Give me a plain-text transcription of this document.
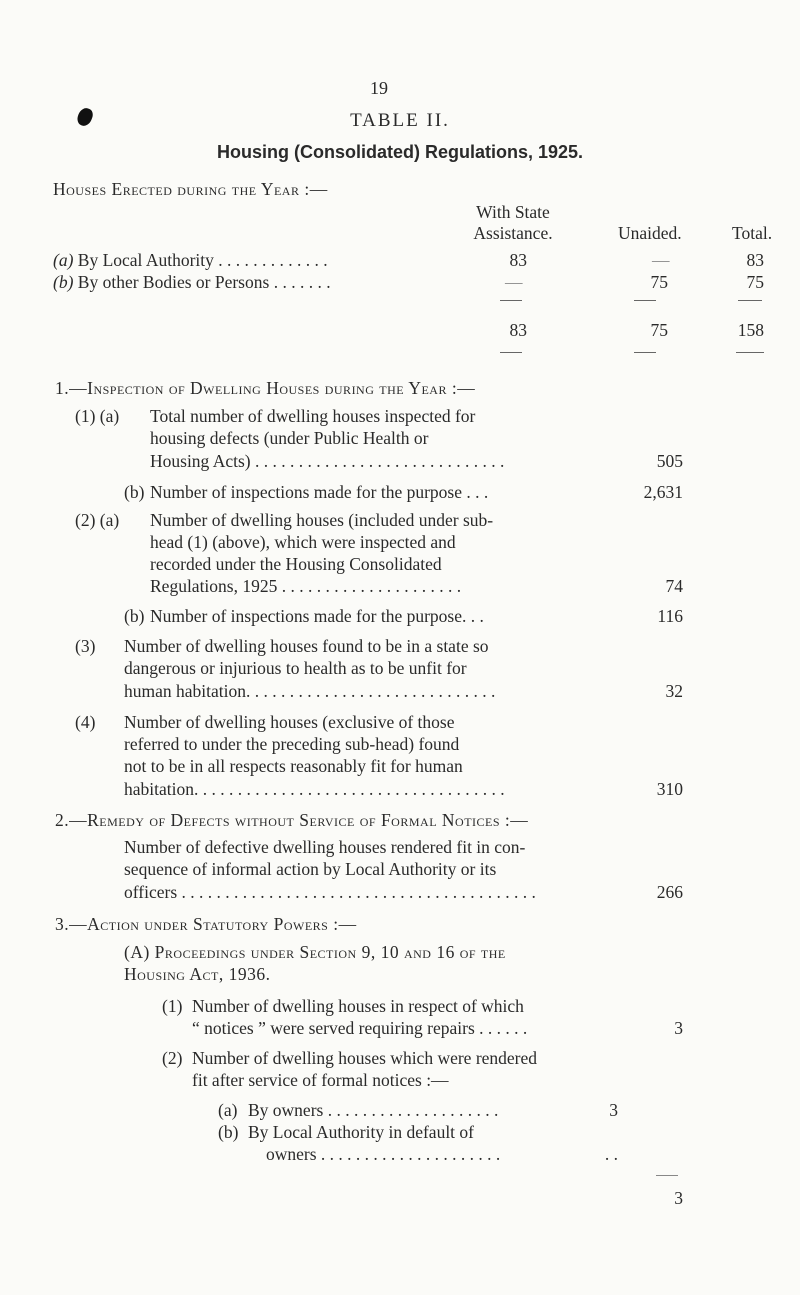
19
TABLE II.
Housing (Consolidated) Regulations, 1925.
Houses Erected during the Year :—
With State
Assistance.	Unaided.	Total.
(a) By Local Authority . . . . . . . . . . . . .	83	—	83
(b) By other Bodies or Persons . . . . . . .	—	75	75
83	75	158
1.—Inspection of Dwelling Houses during the Year :—
(1) (a) Total number of dwelling houses inspected for
housing defects (under Public Health or
Housing Acts) . . . . . . . . . . . . . . . . . . . . . . . . . . . . .	505
(b) Number of inspections made for the purpose . . .	2,631
(2) (a) Number of dwelling houses (included under sub-
head (1) (above), which were inspected and
recorded under the Housing Consolidated
Regulations, 1925 . . . . . . . . . . . . . . . . . . . . .	74
(b) Number of inspections made for the purpose. . .	116
(3) Number of dwelling houses found to be in a state so
dangerous or injurious to health as to be unfit for
human habitation. . . . . . . . . . . . . . . . . . . . . . . . . . . . .	32
(4) Number of dwelling houses (exclusive of those
referred to under the preceding sub-head) found
not to be in all respects reasonably fit for human
habitation. . . . . . . . . . . . . . . . . . . . . . . . . . . . . . . . . . . .	310
2.—Remedy of Defects without Service of Formal Notices :—
Number of defective dwelling houses rendered fit in con-
sequence of informal action by Local Authority or its
officers . . . . . . . . . . . . . . . . . . . . . . . . . . . . . . . . . . . . . . . . .	266
3.—Action under Statutory Powers :—
(A) Proceedings under Section 9, 10 and 16 of the
Housing Act, 1936.
(1) Number of dwelling houses in respect of which
“ notices ” were served requiring repairs . . . . . .	3
(2) Number of dwelling houses which were rendered
fit after service of formal notices :—
(a) By owners . . . . . . . . . . . . . . . . . . . .	3
(b) By Local Authority in default of
owners . . . . . . . . . . . . . . . . . . . . .	. .
3
